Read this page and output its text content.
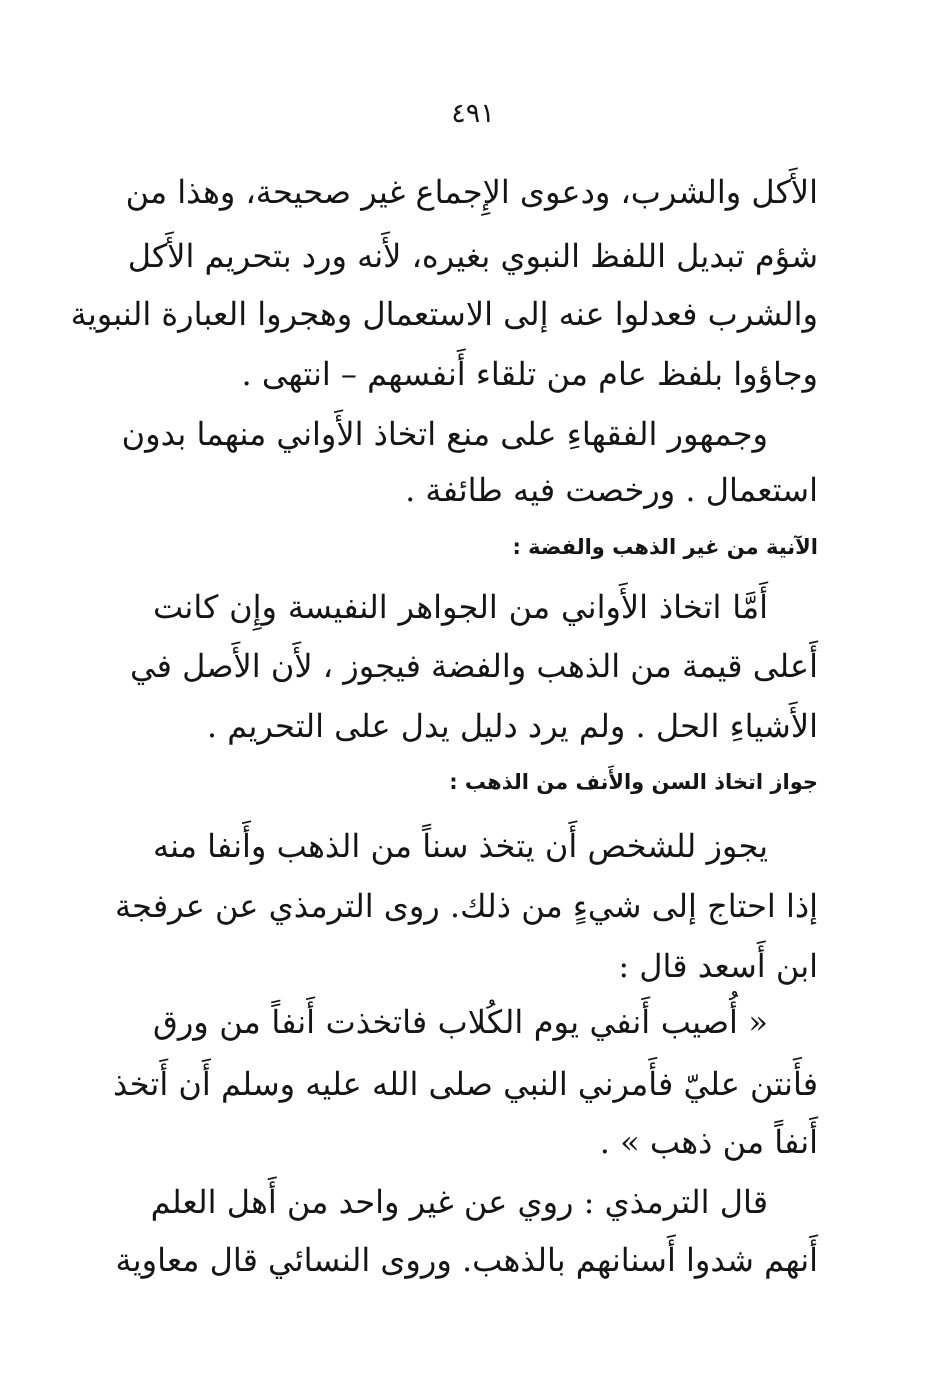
٤٩١
الأَكل والشرب، ودعوى الإِجماع غير صحيحة، وهذا من
شؤم تبديل اللفظ النبوي بغيره، لأَنه ورد بتحريم الأَكل
والشرب فعدلوا عنه إلى الاستعمال وهجروا العبارة النبوية
وجاؤوا بلفظ عام من تلقاء أَنفسهم – انتهى .
وجمهور الفقهاءِ على منع اتخاذ الأَواني منهما بدون
استعمال . ورخصت فيه طائفة .
الآنية من غير الذهب والفضة :
أَمَّا اتخاذ الأَواني من الجواهر النفيسة وإِن كانت
أَعلى قيمة من الذهب والفضة فيجوز ، لأَن الأَصل في
الأَشياءِ الحل . ولم يرد دليل يدل على التحريم .
جواز اتخاذ السن والأَنف من الذهب :
يجوز للشخص أَن يتخذ سناً من الذهب وأَنفا منه
إذا احتاج إلى شيءٍ من ذلك. روى الترمذي عن عرفجة
ابن أَسعد قال :
« أُصيب أَنفي يوم الكُلاب فاتخذت أَنفاً من ورق
فأَنتن عليّ فأَمرني النبي صلى الله عليه وسلم أَن أَتخذ
أَنفاً من ذهب » .
قال الترمذي : روي عن غير واحد من أَهل العلم
أَنهم شدوا أَسنانهم بالذهب. وروى النسائي قال معاوية
